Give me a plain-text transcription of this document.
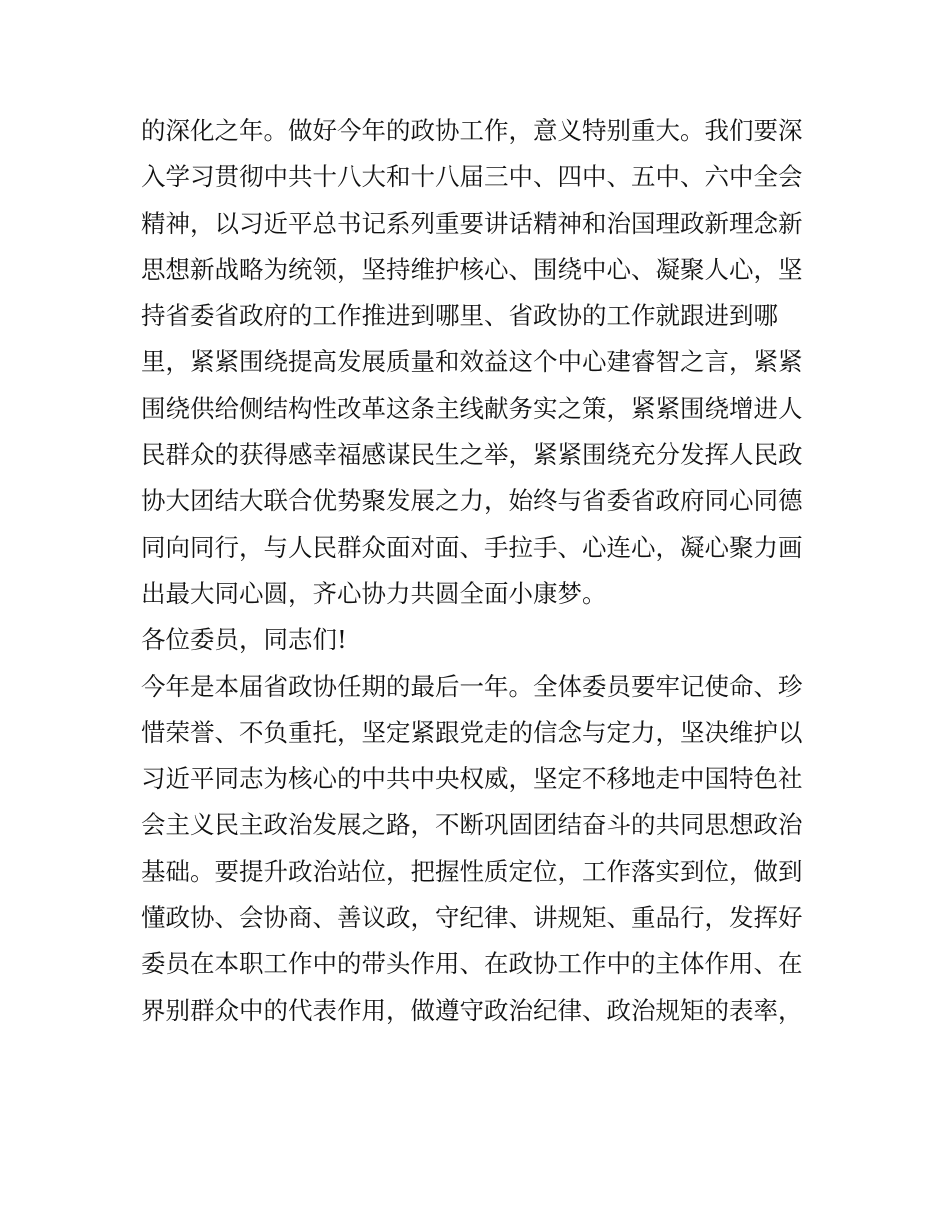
的深化之年。做好今年的政协工作，意义特别重大。我们要深
入学习贯彻中共十八大和十八届三中、四中、五中、六中全会
精神，以习近平总书记系列重要讲话精神和治国理政新理念新
思想新战略为统领，坚持维护核心、围绕中心、凝聚人心，坚
持省委省政府的工作推进到哪里、省政协的工作就跟进到哪
里，紧紧围绕提高发展质量和效益这个中心建睿智之言，紧紧
围绕供给侧结构性改革这条主线献务实之策，紧紧围绕增进人
民群众的获得感幸福感谋民生之举，紧紧围绕充分发挥人民政
协大团结大联合优势聚发展之力，始终与省委省政府同心同德
同向同行，与人民群众面对面、手拉手、心连心，凝心聚力画
出最大同心圆，齐心协力共圆全面小康梦。
各位委员，同志们!
今年是本届省政协任期的最后一年。全体委员要牢记使命、珍
惜荣誉、不负重托，坚定紧跟党走的信念与定力，坚决维护以
习近平同志为核心的中共中央权威，坚定不移地走中国特色社
会主义民主政治发展之路，不断巩固团结奋斗的共同思想政治
基础。要提升政治站位，把握性质定位，工作落实到位，做到
懂政协、会协商、善议政，守纪律、讲规矩、重品行，发挥好
委员在本职工作中的带头作用、在政协工作中的主体作用、在
界别群众中的代表作用，做遵守政治纪律、政治规矩的表率，
